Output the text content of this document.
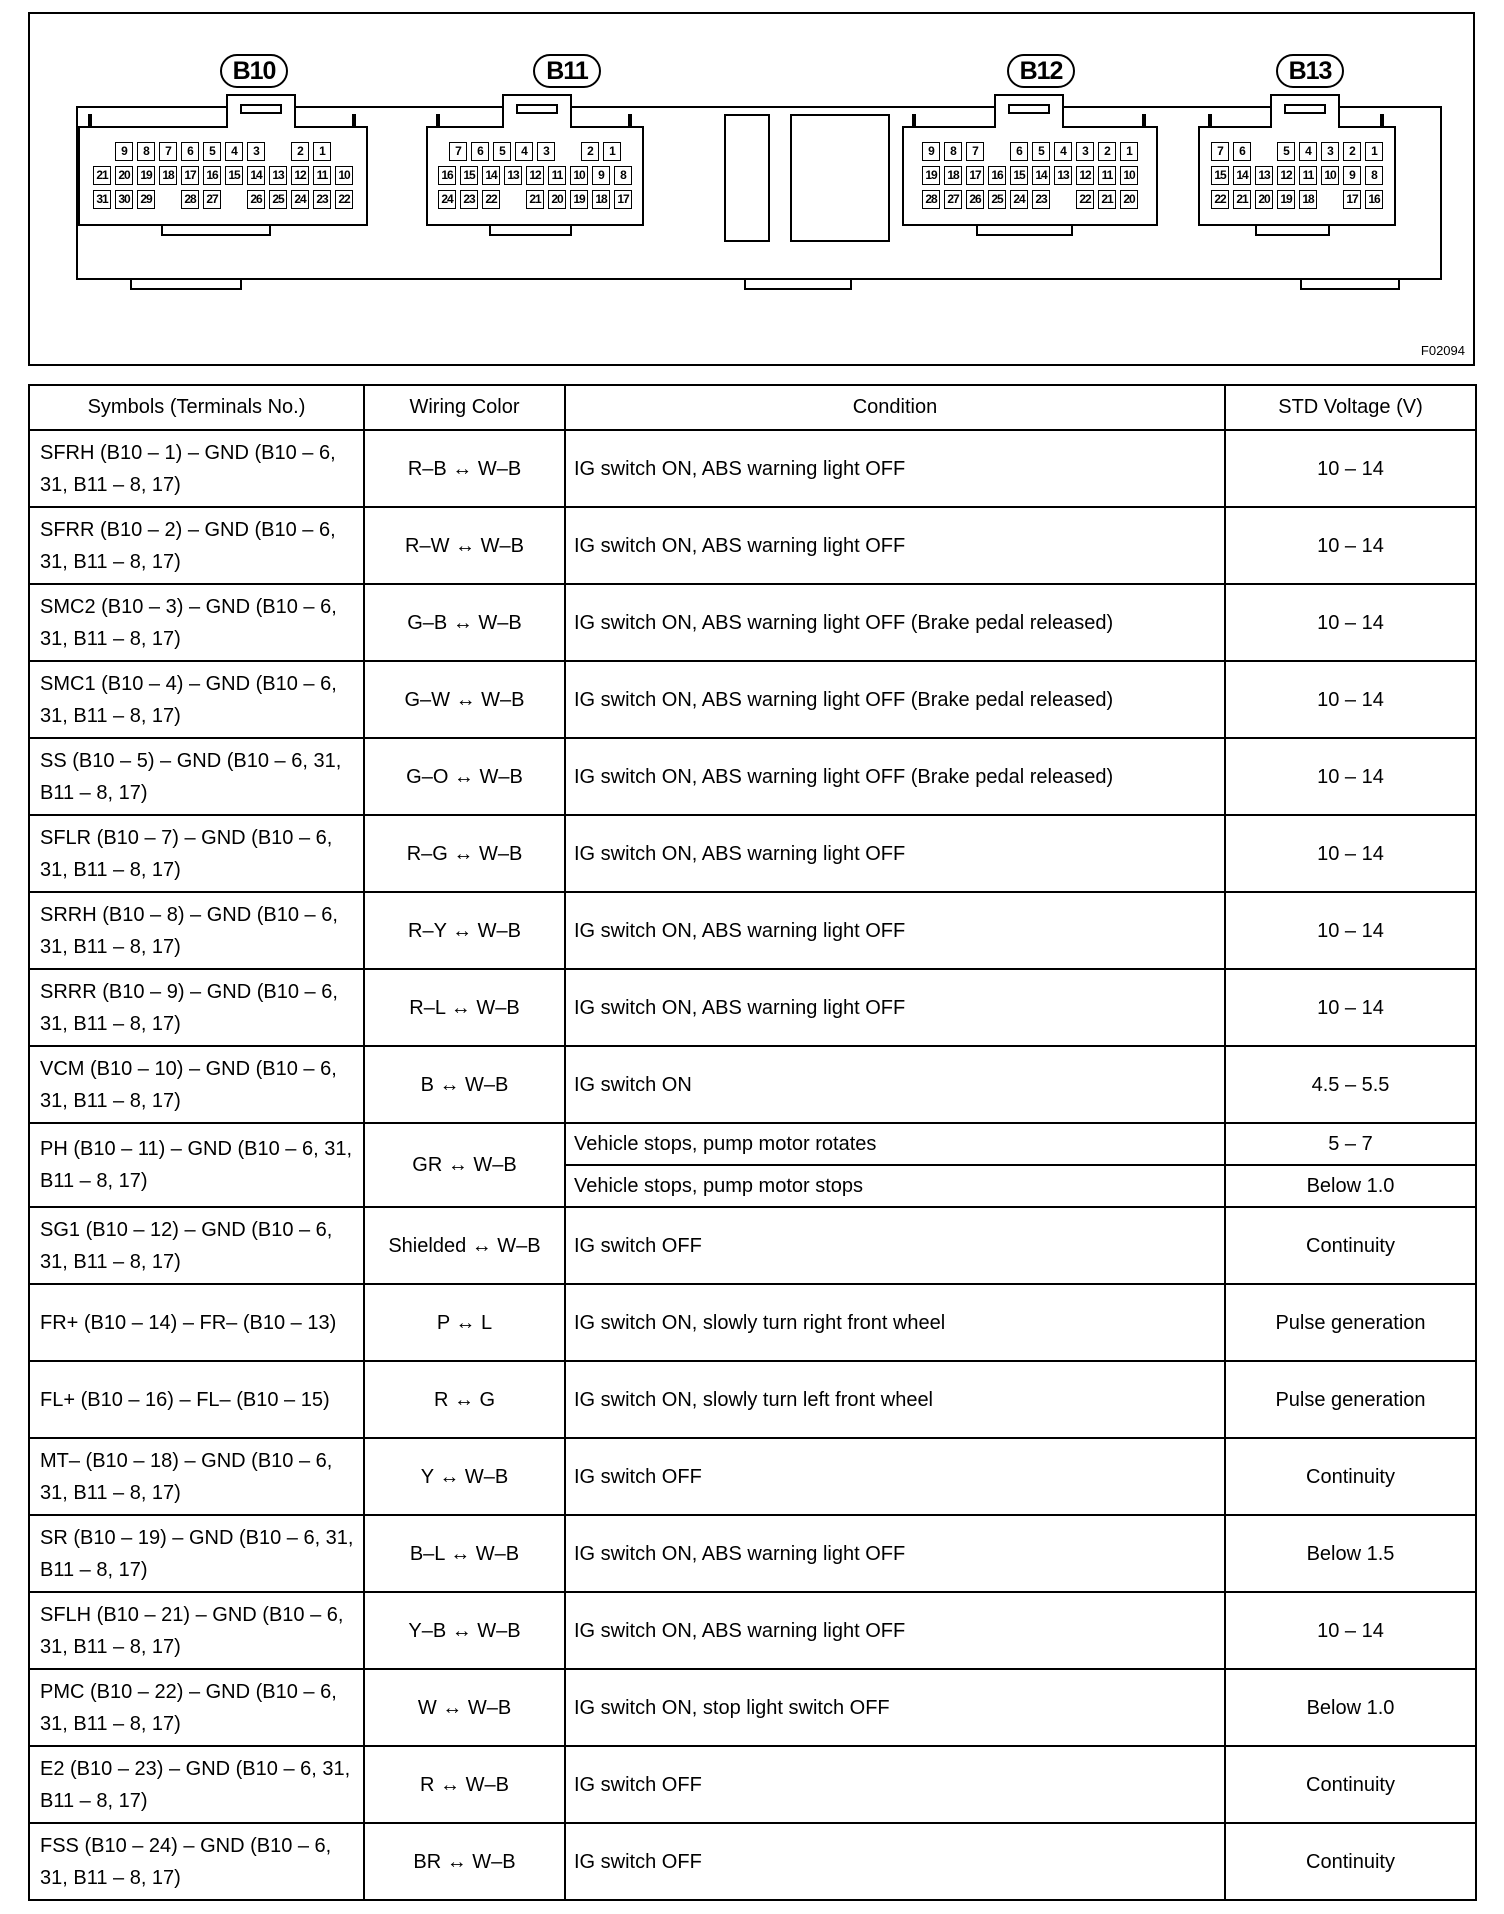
B10	B11	B12	B13
9	8	7	6	5	4	3	2	1
21 20 19 18 17 16 15 14 13 12 11 10
31 30 29	28 27	26 25 24 23 22
7	6	5	4	3	2	1
16 15 14 13 12 11 10	9	8
24 23 22	21 20 19 18 17
9	8	7	6	5	4	3	2	1
19 18 17 16 15 14 13 12 11 10
28 27 26 25 24 23	22 21 20
7	6	5	4	3	2	1
15 14 13 12 11 10	9	8
22 21 20 19 18	17 16
F02094
Symbols (Terminals No.)	Wiring Color	Condition	STD Voltage (V)
SFRH (B10 – 1) – GND (B10 – 6, 31, B11 – 8, 17)	R–B ↔ W–B	IG switch ON, ABS warning light OFF	10 – 14
SFRR (B10 – 2) – GND (B10 – 6, 31, B11 – 8, 17)	R–W ↔ W–B	IG switch ON, ABS warning light OFF	10 – 14
SMC2 (B10 – 3) – GND (B10 – 6, 31, B11 – 8, 17)	G–B ↔ W–B	IG switch ON, ABS warning light OFF (Brake pedal released)	10 – 14
SMC1 (B10 – 4) – GND (B10 – 6, 31, B11 – 8, 17)	G–W ↔ W–B	IG switch ON, ABS warning light OFF (Brake pedal released)	10 – 14
SS (B10 – 5) – GND (B10 – 6, 31, B11 – 8, 17)	G–O ↔ W–B	IG switch ON, ABS warning light OFF (Brake pedal released)	10 – 14
SFLR (B10 – 7) – GND (B10 – 6, 31, B11 – 8, 17)	R–G ↔ W–B	IG switch ON, ABS warning light OFF	10 – 14
SRRH (B10 – 8) – GND (B10 – 6, 31, B11 – 8, 17)	R–Y ↔ W–B	IG switch ON, ABS warning light OFF	10 – 14
SRRR (B10 – 9) – GND (B10 – 6, 31, B11 – 8, 17)	R–L ↔ W–B	IG switch ON, ABS warning light OFF	10 – 14
VCM (B10 – 10) – GND (B10 – 6, 31, B11 – 8, 17)	B ↔ W–B	IG switch ON	4.5 – 5.5
PH (B10 – 11) – GND (B10 – 6, 31, B11 – 8, 17)	GR ↔ W–B	Vehicle stops, pump motor rotates	5 – 7
		Vehicle stops, pump motor stops	Below 1.0
SG1 (B10 – 12) – GND (B10 – 6, 31, B11 – 8, 17)	Shielded ↔ W–B	IG switch OFF	Continuity
FR+ (B10 – 14) – FR– (B10 – 13)	P ↔ L	IG switch ON, slowly turn right front wheel	Pulse generation
FL+ (B10 – 16) – FL– (B10 – 15)	R ↔ G	IG switch ON, slowly turn left front wheel	Pulse generation
MT– (B10 – 18) – GND (B10 – 6, 31, B11 – 8, 17)	Y ↔ W–B	IG switch OFF	Continuity
SR (B10 – 19) – GND (B10 – 6, 31, B11 – 8, 17)	B–L ↔ W–B	IG switch ON, ABS warning light OFF	Below 1.5
SFLH (B10 – 21) – GND (B10 – 6, 31, B11 – 8, 17)	Y–B ↔ W–B	IG switch ON, ABS warning light OFF	10 – 14
PMC (B10 – 22) – GND (B10 – 6, 31, B11 – 8, 17)	W ↔ W–B	IG switch ON, stop light switch OFF	Below 1.0
E2 (B10 – 23) – GND (B10 – 6, 31, B11 – 8, 17)	R ↔ W–B	IG switch OFF	Continuity
FSS (B10 – 24) – GND (B10 – 6, 31, B11 – 8, 17)	BR ↔ W–B	IG switch OFF	Continuity
